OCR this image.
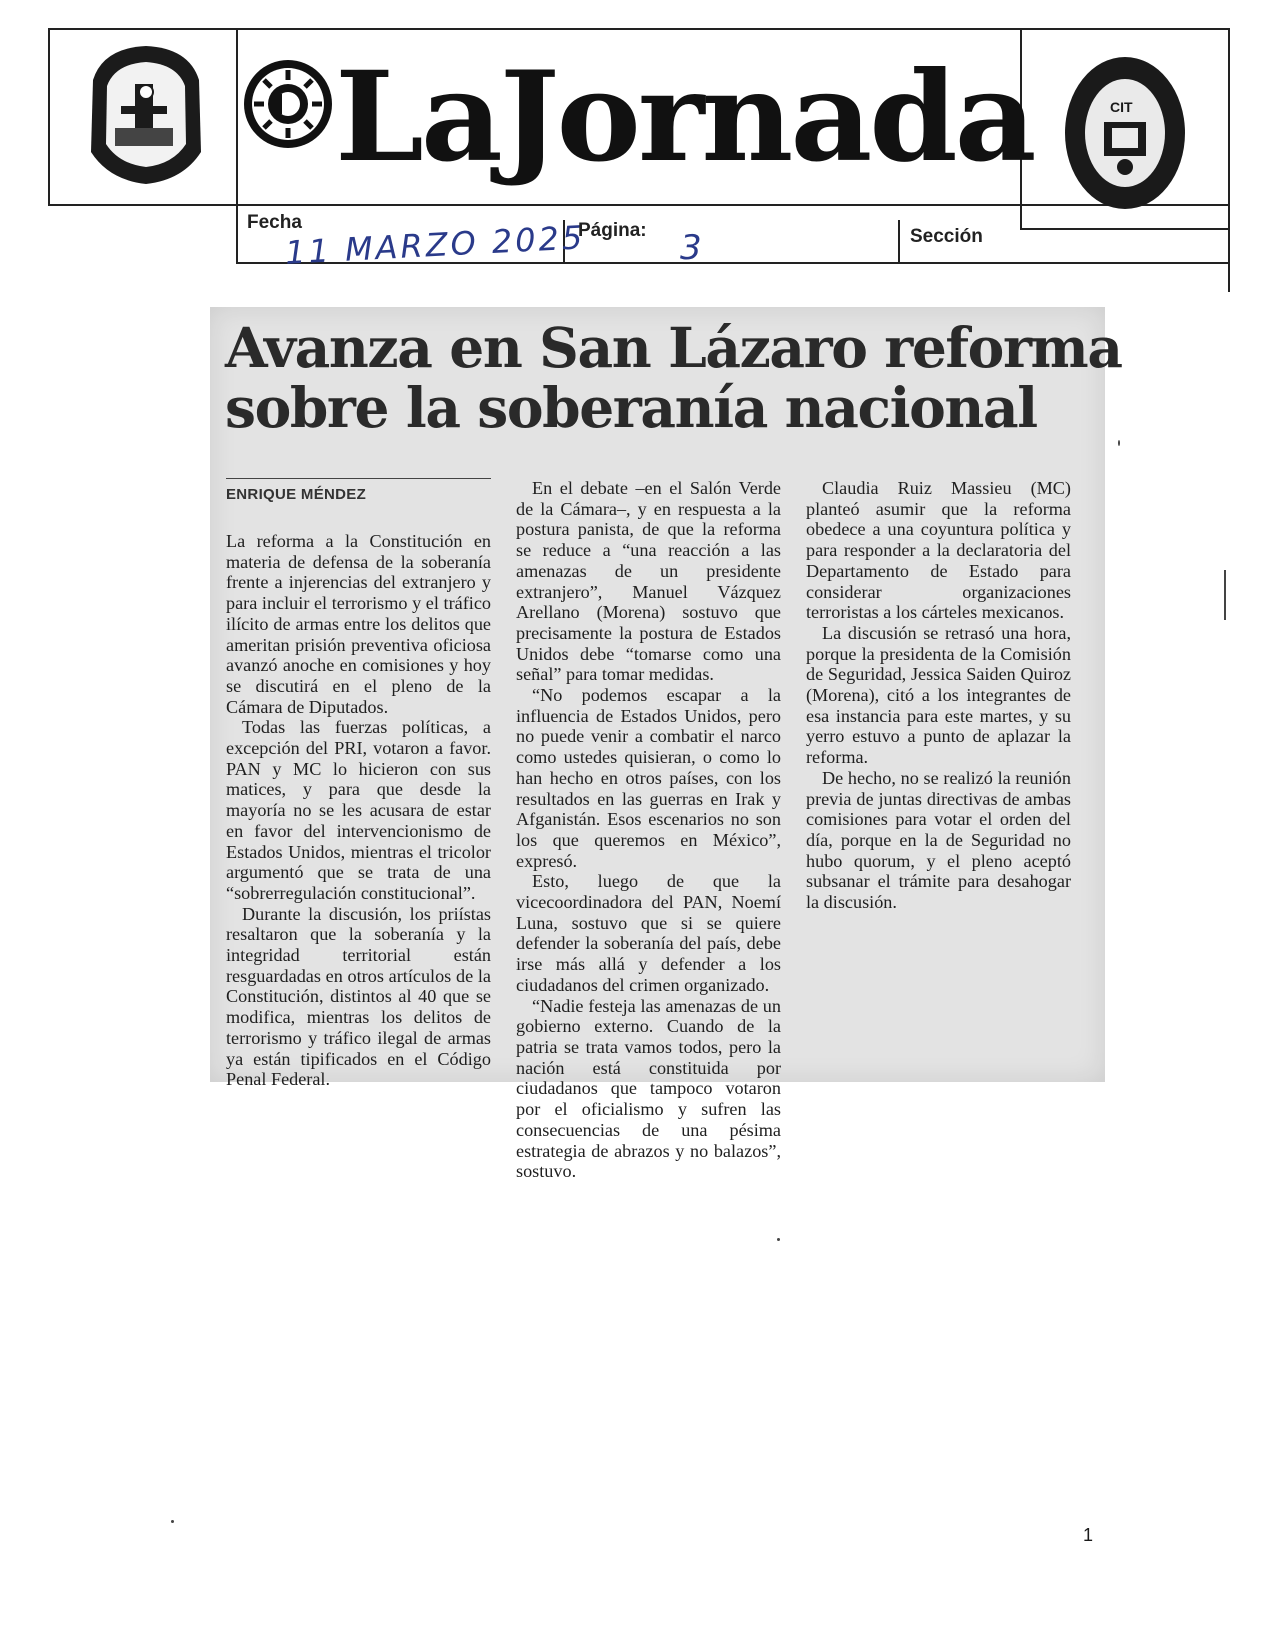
LaJornada	CIT
Fecha
11 MARZO 2025
Página: 3	Sección
Avanza en San Lázaro reforma
sobre la soberanía nacional
ENRIQUE MÉNDEZ

La reforma a la Constitución en materia de defensa de la soberanía frente a injerencias del extranjero y para incluir el terrorismo y el tráfico ilícito de armas entre los delitos que ameritan prisión preventiva oficiosa avanzó anoche en comisiones y hoy se discutirá en el pleno de la Cámara de Diputados.

Todas las fuerzas políticas, a excepción del PRI, votaron a favor. PAN y MC lo hicieron con sus matices, y para que desde la mayoría no se les acusara de estar en favor del intervencionismo de Estados Unidos, mientras el tricolor argumentó que se trata de una “sobrerregulación constitucional”.

Durante la discusión, los priístas resaltaron que la soberanía y la integridad territorial están resguardadas en otros artículos de la Constitución, distintos al 40 que se modifica, mientras los delitos de terrorismo y tráfico ilegal de armas ya están tipificados en el Código Penal Federal.

En el debate –en el Salón Verde de la Cámara–, y en respuesta a la postura panista, de que la reforma se reduce a “una reacción a las amenazas de un presidente extranjero”, Manuel Vázquez Arellano (Morena) sostuvo que precisamente la postura de Estados Unidos debe “tomarse como una señal” para tomar medidas.

“No podemos escapar a la influencia de Estados Unidos, pero no puede venir a combatir el narco como ustedes quisieran, o como lo han hecho en otros países, con los resultados en las guerras en Irak y Afganistán. Esos escenarios no son los que queremos en México”, expresó.

Esto, luego de que la vicecoordinadora del PAN, Noemí Luna, sostuvo que si se quiere defender la soberanía del país, debe irse más allá y defender a los ciudadanos del crimen organizado.

“Nadie festeja las amenazas de un gobierno externo. Cuando de la patria se trata vamos todos, pero la nación está constituida por ciudadanos que tampoco votaron por el oficialismo y sufren las consecuencias de una pésima estrategia de abrazos y no balazos”, sostuvo.

Claudia Ruiz Massieu (MC) planteó asumir que la reforma obedece a una coyuntura política y para responder a la declaratoria del Departamento de Estado para considerar organizaciones terroristas a los cárteles mexicanos.

La discusión se retrasó una hora, porque la presidenta de la Comisión de Seguridad, Jessica Saiden Quiroz (Morena), citó a los integrantes de esa instancia para este martes, y su yerro estuvo a punto de aplazar la reforma.

De hecho, no se realizó la reunión previa de juntas directivas de ambas comisiones para votar el orden del día, porque en la de Seguridad no hubo quorum, y el pleno aceptó subsanar el trámite para desahogar la discusión.

1
